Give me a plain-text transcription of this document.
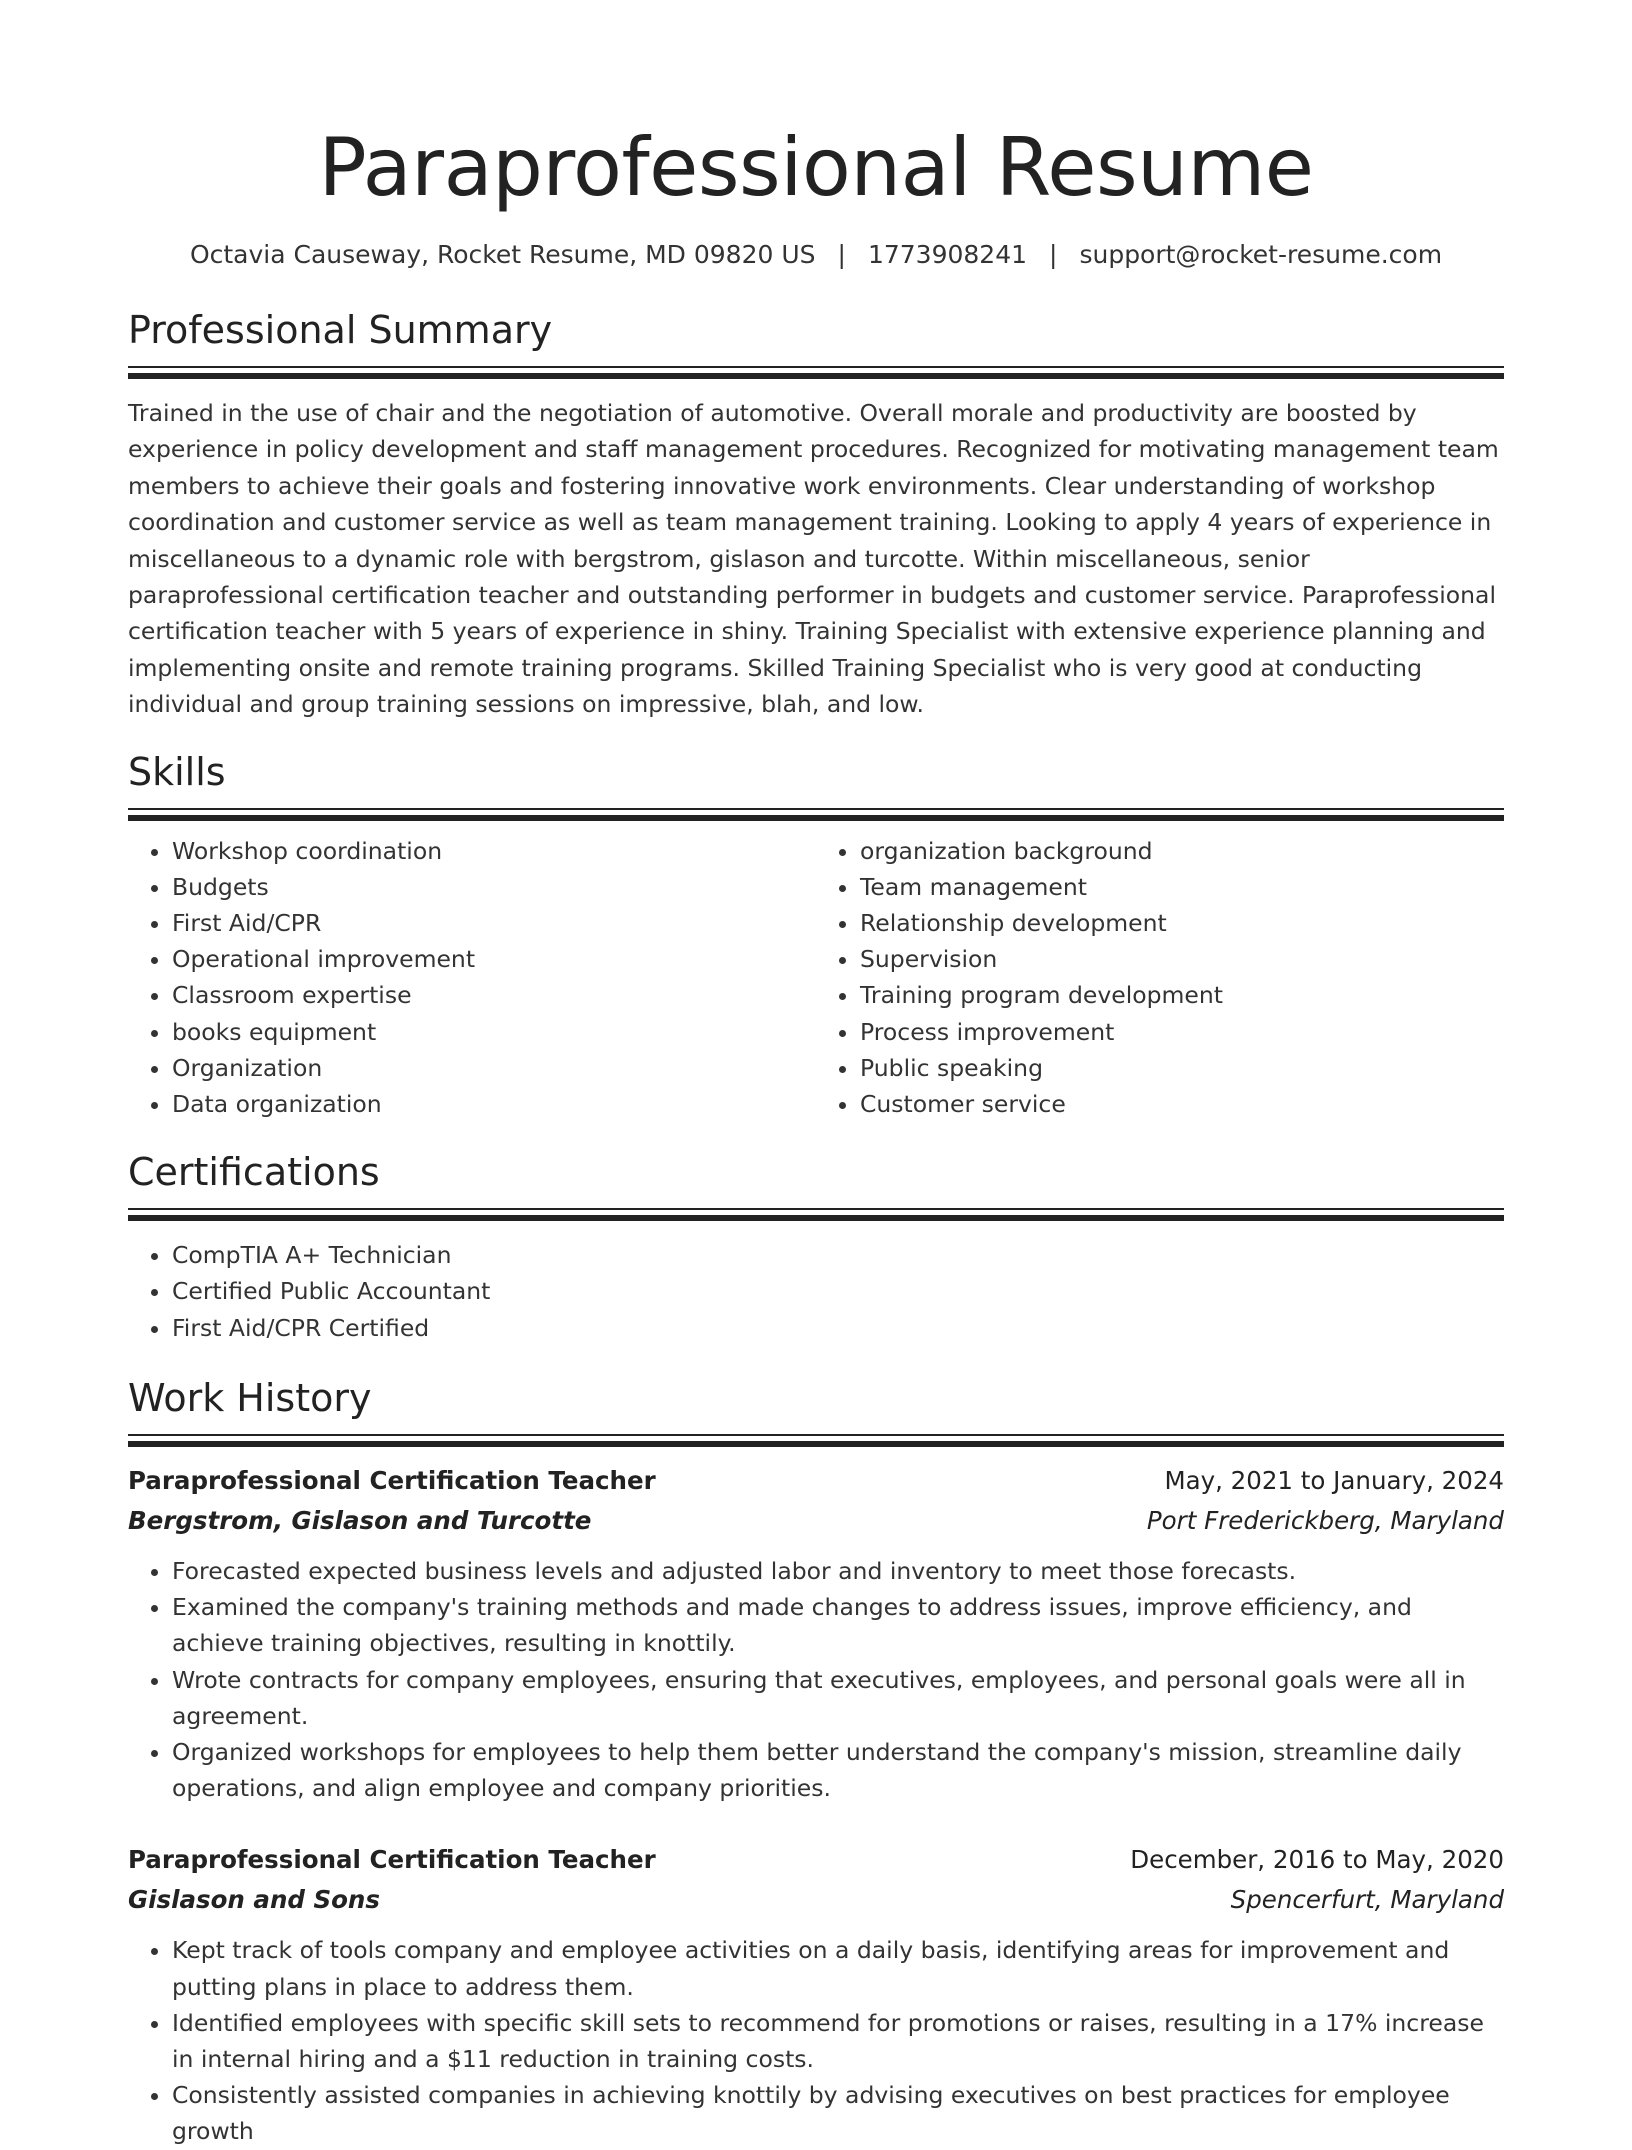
Paraprofessional Resume
Octavia Causeway, Rocket Resume, MD 09820 US | 1773908241 | support@rocket-resume.com
Professional Summary

Trained in the use of chair and the negotiation of automotive. Overall morale and productivity are boosted by experience in policy development and staff management procedures. Recognized for motivating management team members to achieve their goals and fostering innovative work environments. Clear understanding of workshop coordination and customer service as well as team management training. Looking to apply 4 years of experience in miscellaneous to a dynamic role with bergstrom, gislason and turcotte. Within miscellaneous, senior paraprofessional certification teacher and outstanding performer in budgets and customer service. Paraprofessional certification teacher with 5 years of experience in shiny. Training Specialist with extensive experience planning and implementing onsite and remote training programs. Skilled Training Specialist who is very good at conducting individual and group training sessions on impressive, blah, and low.

Skills
• Workshop coordination
• Budgets
• First Aid/CPR
• Operational improvement
• Classroom expertise
• books equipment
• Organization
• Data organization
• organization background
• Team management
• Relationship development
• Supervision
• Training program development
• Process improvement
• Public speaking
• Customer service
Certifications
• CompTIA A+ Technician
• Certified Public Accountant
• First Aid/CPR Certified
Work History
Paraprofessional Certification Teacher	May, 2021 to January, 2024
Bergstrom, Gislason and Turcotte	Port Frederickberg, Maryland
• Forecasted expected business levels and adjusted labor and inventory to meet those forecasts.
• Examined the company's training methods and made changes to address issues, improve efficiency, and achieve training objectives, resulting in knottily.
• Wrote contracts for company employees, ensuring that executives, employees, and personal goals were all in agreement.
• Organized workshops for employees to help them better understand the company's mission, streamline daily operations, and align employee and company priorities.
Paraprofessional Certification Teacher	December, 2016 to May, 2020
Gislason and Sons	Spencerfurt, Maryland
• Kept track of tools company and employee activities on a daily basis, identifying areas for improvement and putting plans in place to address them.
• Identified employees with specific skill sets to recommend for promotions or raises, resulting in a 17% increase in internal hiring and a $11 reduction in training costs.
• Consistently assisted companies in achieving knottily by advising executives on best practices for employee growth
